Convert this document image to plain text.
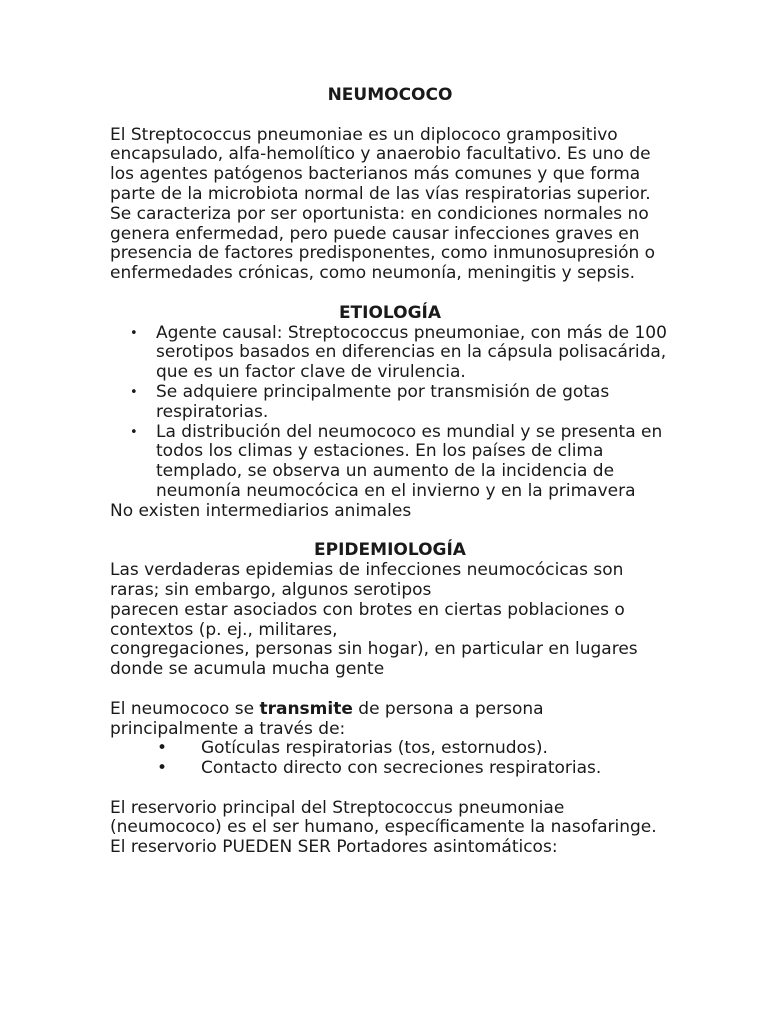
NEUMOCOCO

El Streptococcus pneumoniae es un diplococo grampositivo encapsulado, alfa-hemolítico y anaerobio facultativo. Es uno de los agentes patógenos bacterianos más comunes y que forma parte de la microbiota normal de las vías respiratorias superior. Se caracteriza por ser oportunista: en condiciones normales no genera enfermedad, pero puede causar infecciones graves en presencia de factores predisponentes, como inmunosupresión o enfermedades crónicas, como neumonía, meningitis y sepsis.

ETIOLOGÍA

• Agente causal: Streptococcus pneumoniae, con más de 100 serotipos basados en diferencias en la cápsula polisacárida, que es un factor clave de virulencia.
• Se adquiere principalmente por transmisión de gotas respiratorias.
• La distribución del neumococo es mundial y se presenta en todos los climas y estaciones. En los países de clima templado, se observa un aumento de la incidencia de neumonía neumocócica en el invierno y en la primavera

No existen intermediarios animales

EPIDEMIOLOGÍA

Las verdaderas epidemias de infecciones neumocócicas son raras; sin embargo, algunos serotipos

parecen estar asociados con brotes en ciertas poblaciones o contextos (p. ej., militares,

congregaciones, personas sin hogar), en particular en lugares donde se acumula mucha gente

El neumococo se transmite de persona a persona principalmente a través de:

• Gotículas respiratorias (tos, estornudos).
• Contacto directo con secreciones respiratorias.

El reservorio principal del Streptococcus pneumoniae (neumococo) es el ser humano, específicamente la nasofaringe.

El reservorio PUEDEN SER Portadores asintomáticos:
